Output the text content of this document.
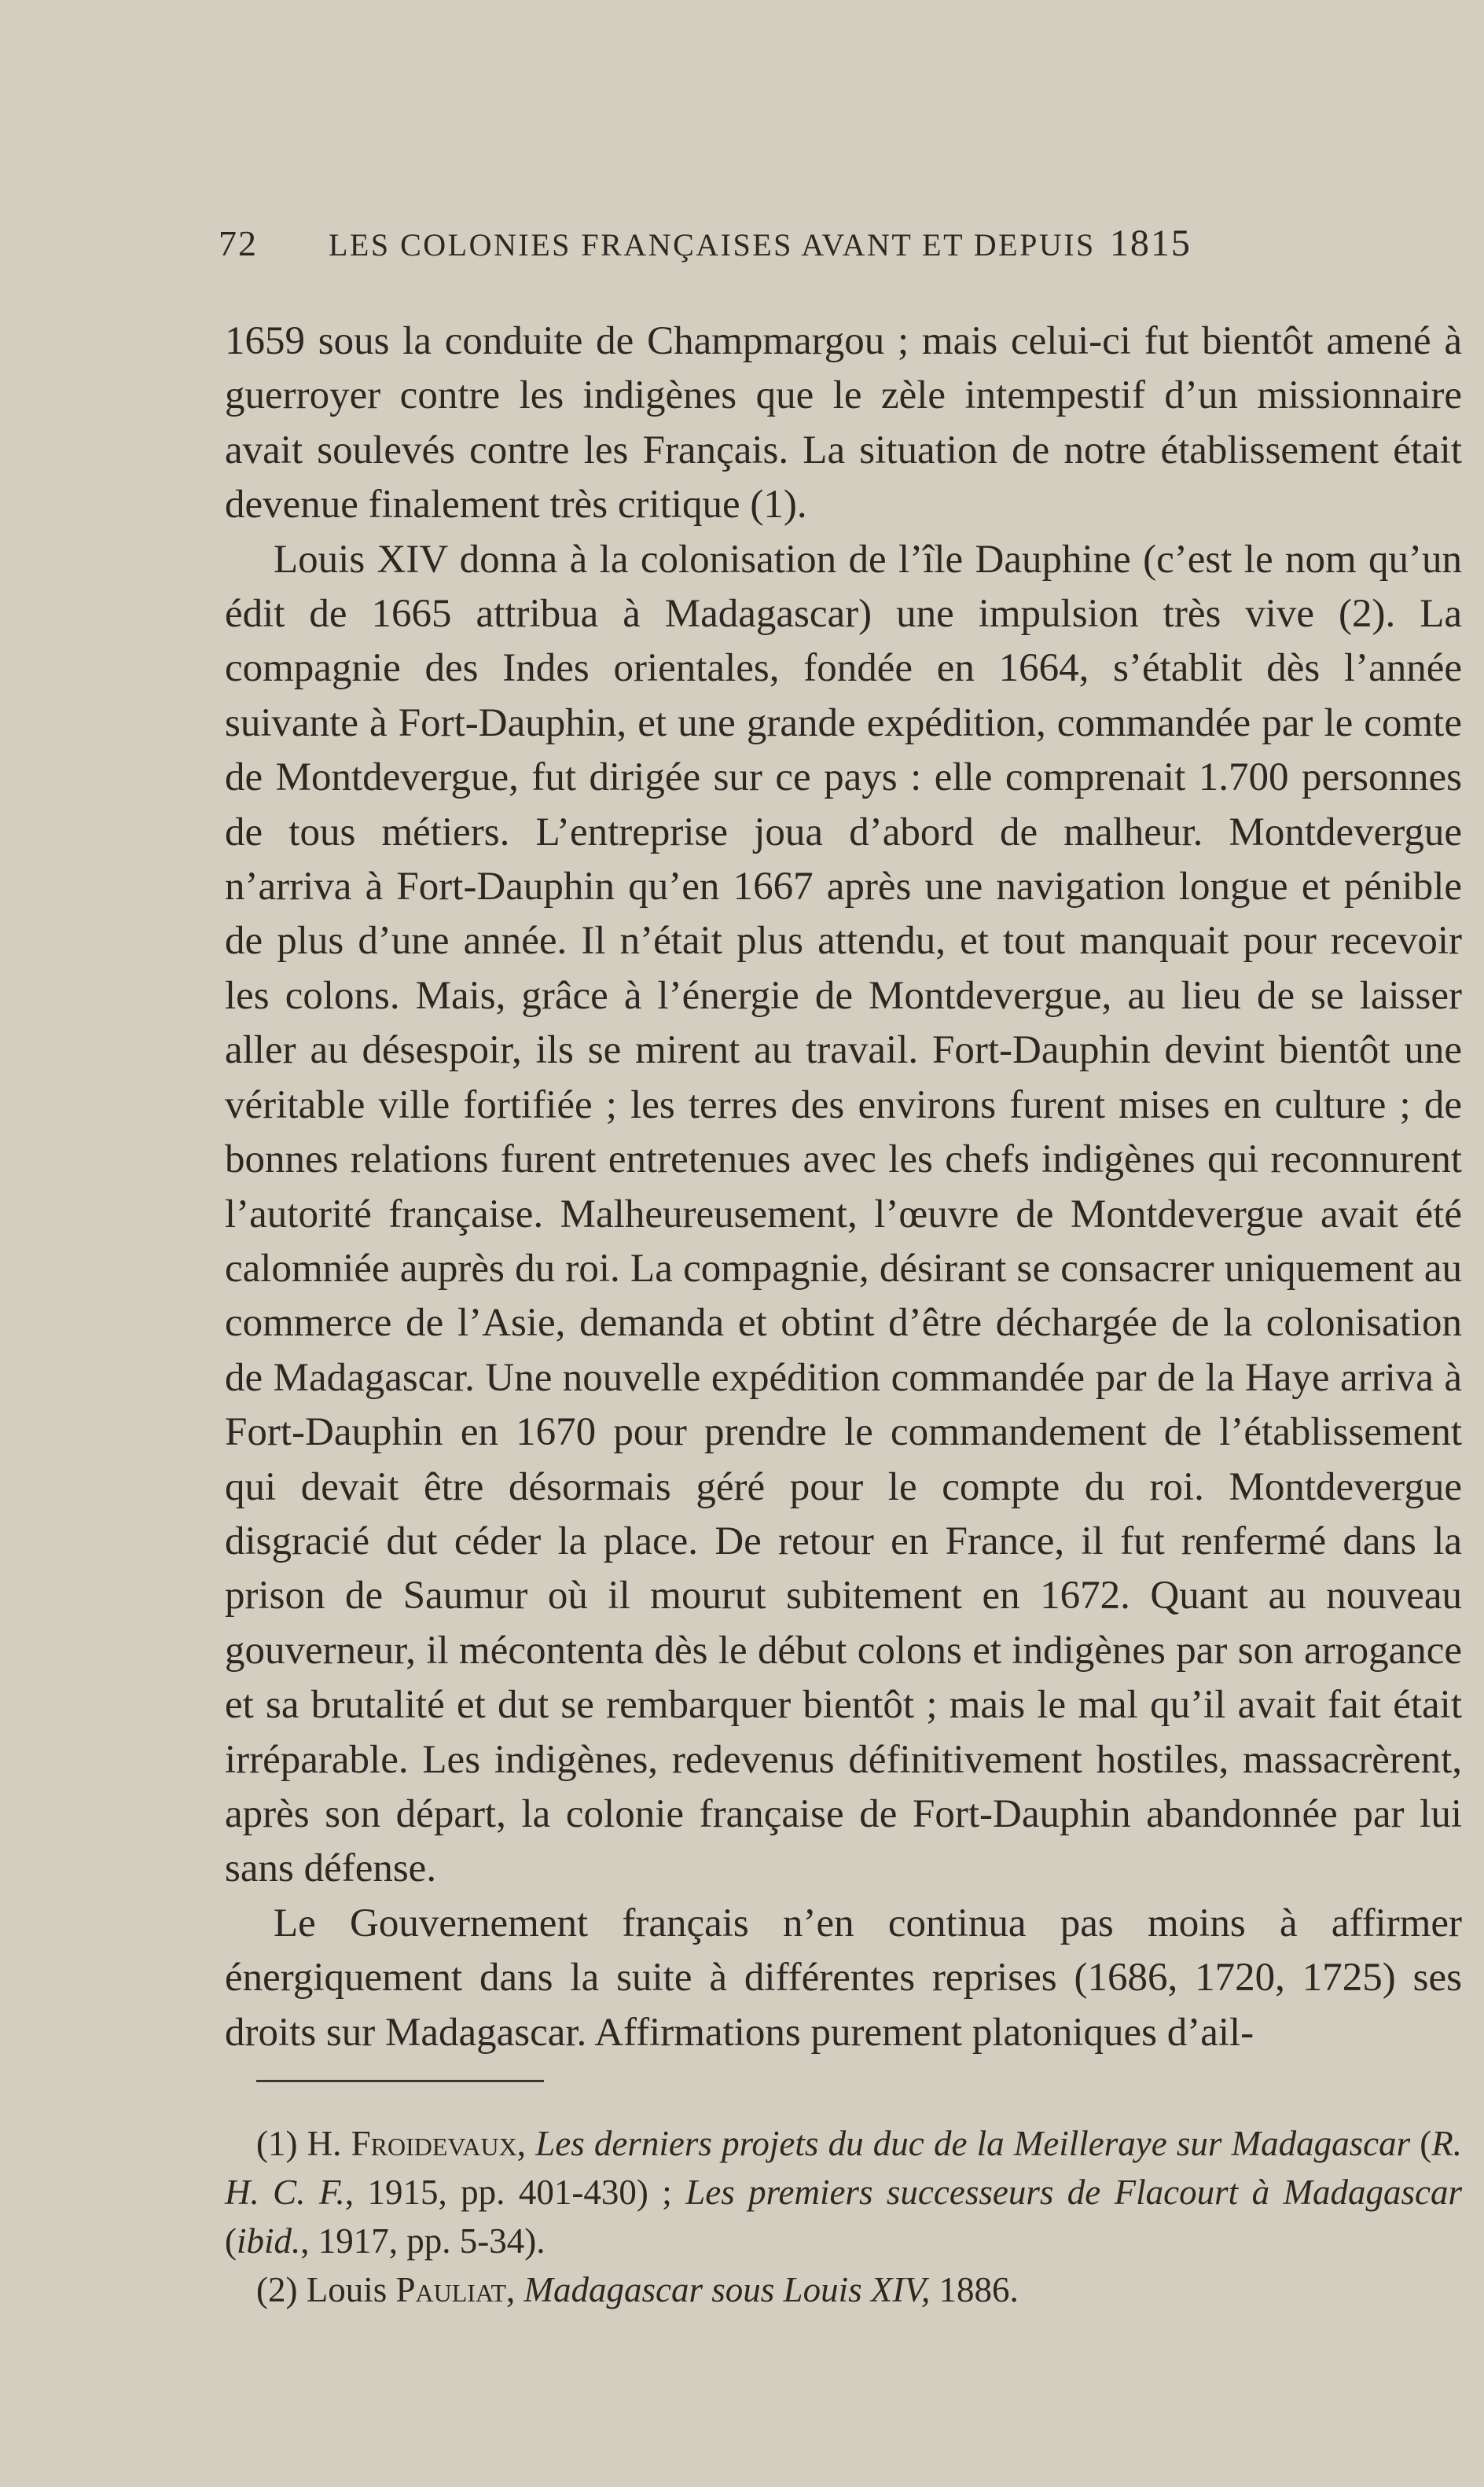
72 LES COLONIES FRANÇAISES AVANT ET DEPUIS 1815

1659 sous la conduite de Champmargou ; mais celui-ci fut bientôt amené à guerroyer contre les indigènes que le zèle intempestif d’un missionnaire avait soulevés contre les Français. La situation de notre établissement était devenue finalement très critique (1).

Louis XIV donna à la colonisation de l’île Dauphine (c’est le nom qu’un édit de 1665 attribua à Madagascar) une impulsion très vive (2). La compagnie des Indes orientales, fondée en 1664, s’établit dès l’année suivante à Fort-Dauphin, et une grande expédition, commandée par le comte de Montdevergue, fut dirigée sur ce pays : elle comprenait 1.700 personnes de tous métiers. L’entreprise joua d’abord de malheur. Montdevergue n’arriva à Fort-Dauphin qu’en 1667 après une navigation longue et pénible de plus d’une année. Il n’était plus attendu, et tout manquait pour recevoir les colons. Mais, grâce à l’énergie de Montdevergue, au lieu de se laisser aller au désespoir, ils se mirent au travail. Fort-Dauphin devint bientôt une véritable ville fortifiée ; les terres des environs furent mises en culture ; de bonnes relations furent entretenues avec les chefs indigènes qui reconnurent l’autorité française. Malheureusement, l’œuvre de Montdevergue avait été calomniée auprès du roi. La compagnie, désirant se consacrer uniquement au commerce de l’Asie, demanda et obtint d’être déchargée de la colonisation de Madagascar. Une nouvelle expédition commandée par de la Haye arriva à Fort-Dauphin en 1670 pour prendre le commandement de l’établissement qui devait être désormais géré pour le compte du roi. Montdevergue disgracié dut céder la place. De retour en France, il fut renfermé dans la prison de Saumur où il mourut subitement en 1672. Quant au nouveau gouverneur, il mécontenta dès le début colons et indigènes par son arrogance et sa brutalité et dut se rembarquer bientôt ; mais le mal qu’il avait fait était irréparable. Les indigènes, redevenus définitivement hostiles, massacrèrent, après son départ, la colonie française de Fort-Dauphin abandonnée par lui sans défense.

Le Gouvernement français n’en continua pas moins à affirmer énergiquement dans la suite à différentes reprises (1686, 1720, 1725) ses droits sur Madagascar. Affirmations purement platoniques d’ail-

(1) H. Froidevaux, Les derniers projets du duc de la Meilleraye sur Madagascar (R. H. C. F., 1915, pp. 401-430) ; Les premiers successeurs de Flacourt à Madagascar (ibid., 1917, pp. 5-34).

(2) Louis Pauliat, Madagascar sous Louis XIV, 1886.
